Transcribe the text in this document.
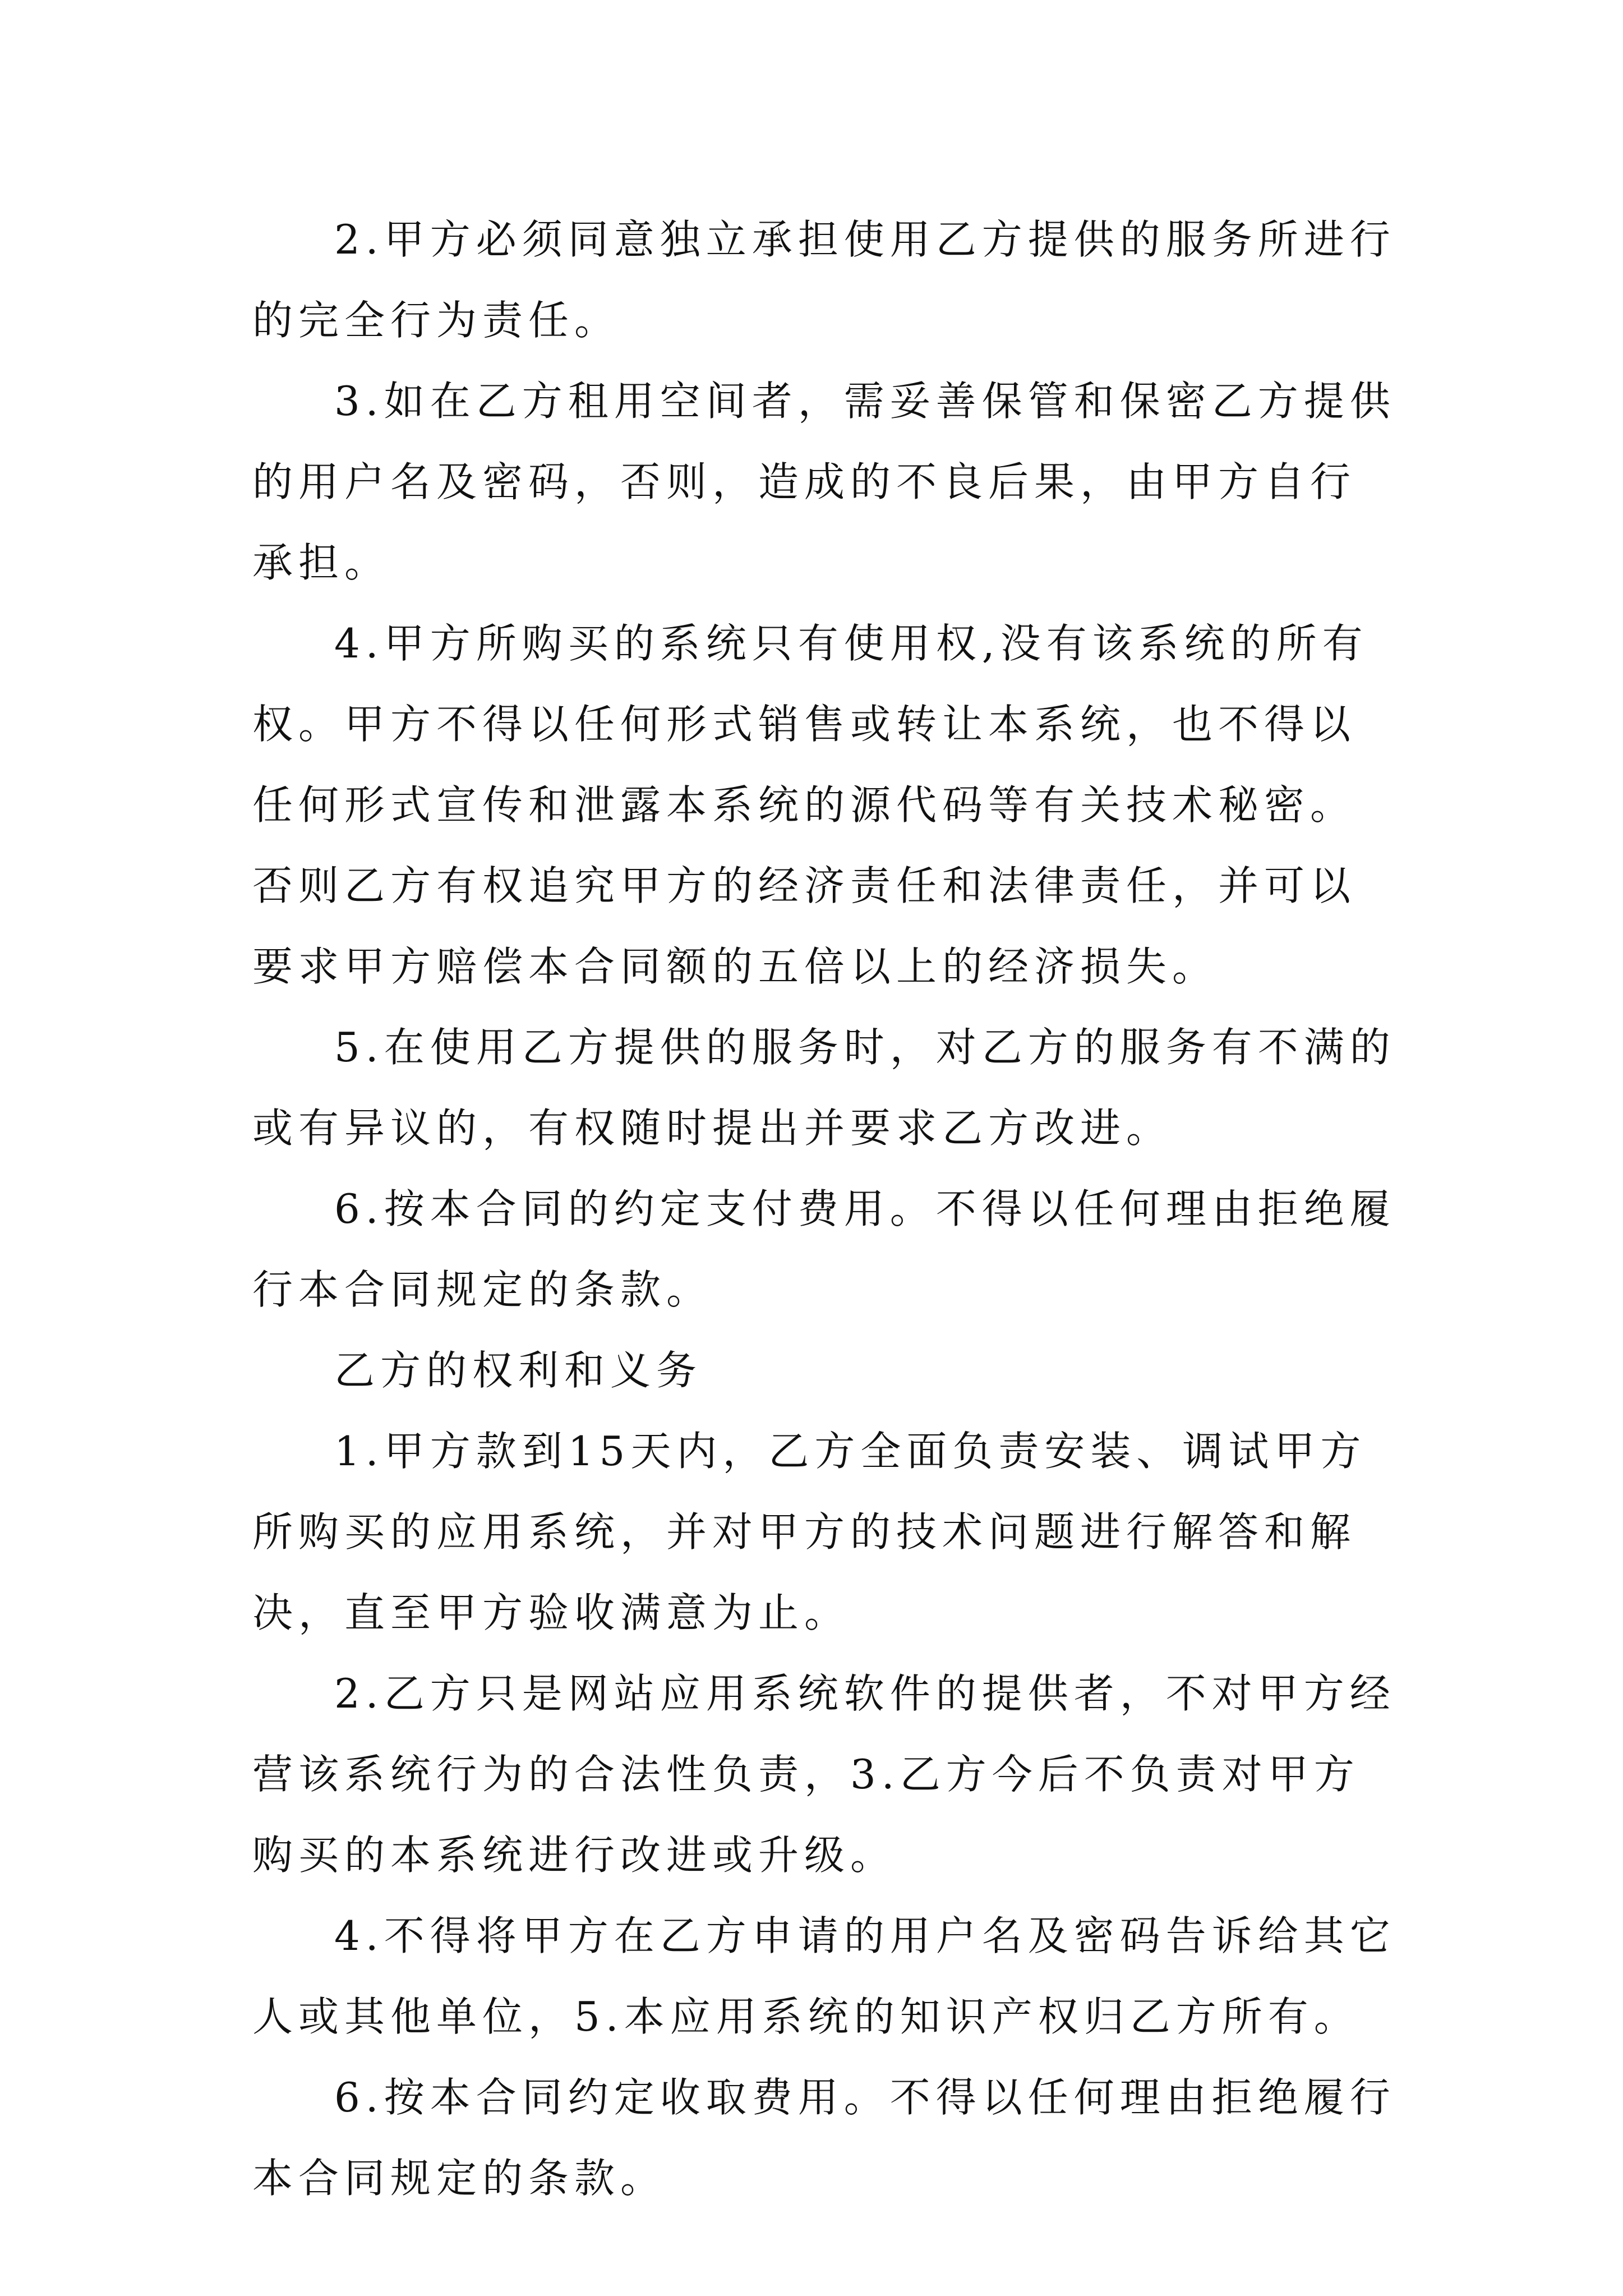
2.甲方必须同意独立承担使用乙方提供的服务所进行的完全行为责任。

3.如在乙方租用空间者，需妥善保管和保密乙方提供的用户名及密码，否则，造成的不良后果，由甲方自行承担。

4.甲方所购买的系统只有使用权,没有该系统的所有权。甲方不得以任何形式销售或转让本系统，也不得以任何形式宣传和泄露本系统的源代码等有关技术秘密。否则乙方有权追究甲方的经济责任和法律责任，并可以要求甲方赔偿本合同额的五倍以上的经济损失。

5.在使用乙方提供的服务时，对乙方的服务有不满的或有异议的，有权随时提出并要求乙方改进。

6.按本合同的约定支付费用。不得以任何理由拒绝履行本合同规定的条款。

乙方的权利和义务

1.甲方款到15天内，乙方全面负责安装、调试甲方所购买的应用系统，并对甲方的技术问题进行解答和解决，直至甲方验收满意为止。

2.乙方只是网站应用系统软件的提供者，不对甲方经营该系统行为的合法性负责，3.乙方今后不负责对甲方购买的本系统进行改进或升级。

4.不得将甲方在乙方申请的用户名及密码告诉给其它人或其他单位，5.本应用系统的知识产权归乙方所有。

6.按本合同约定收取费用。不得以任何理由拒绝履行本合同规定的条款。
